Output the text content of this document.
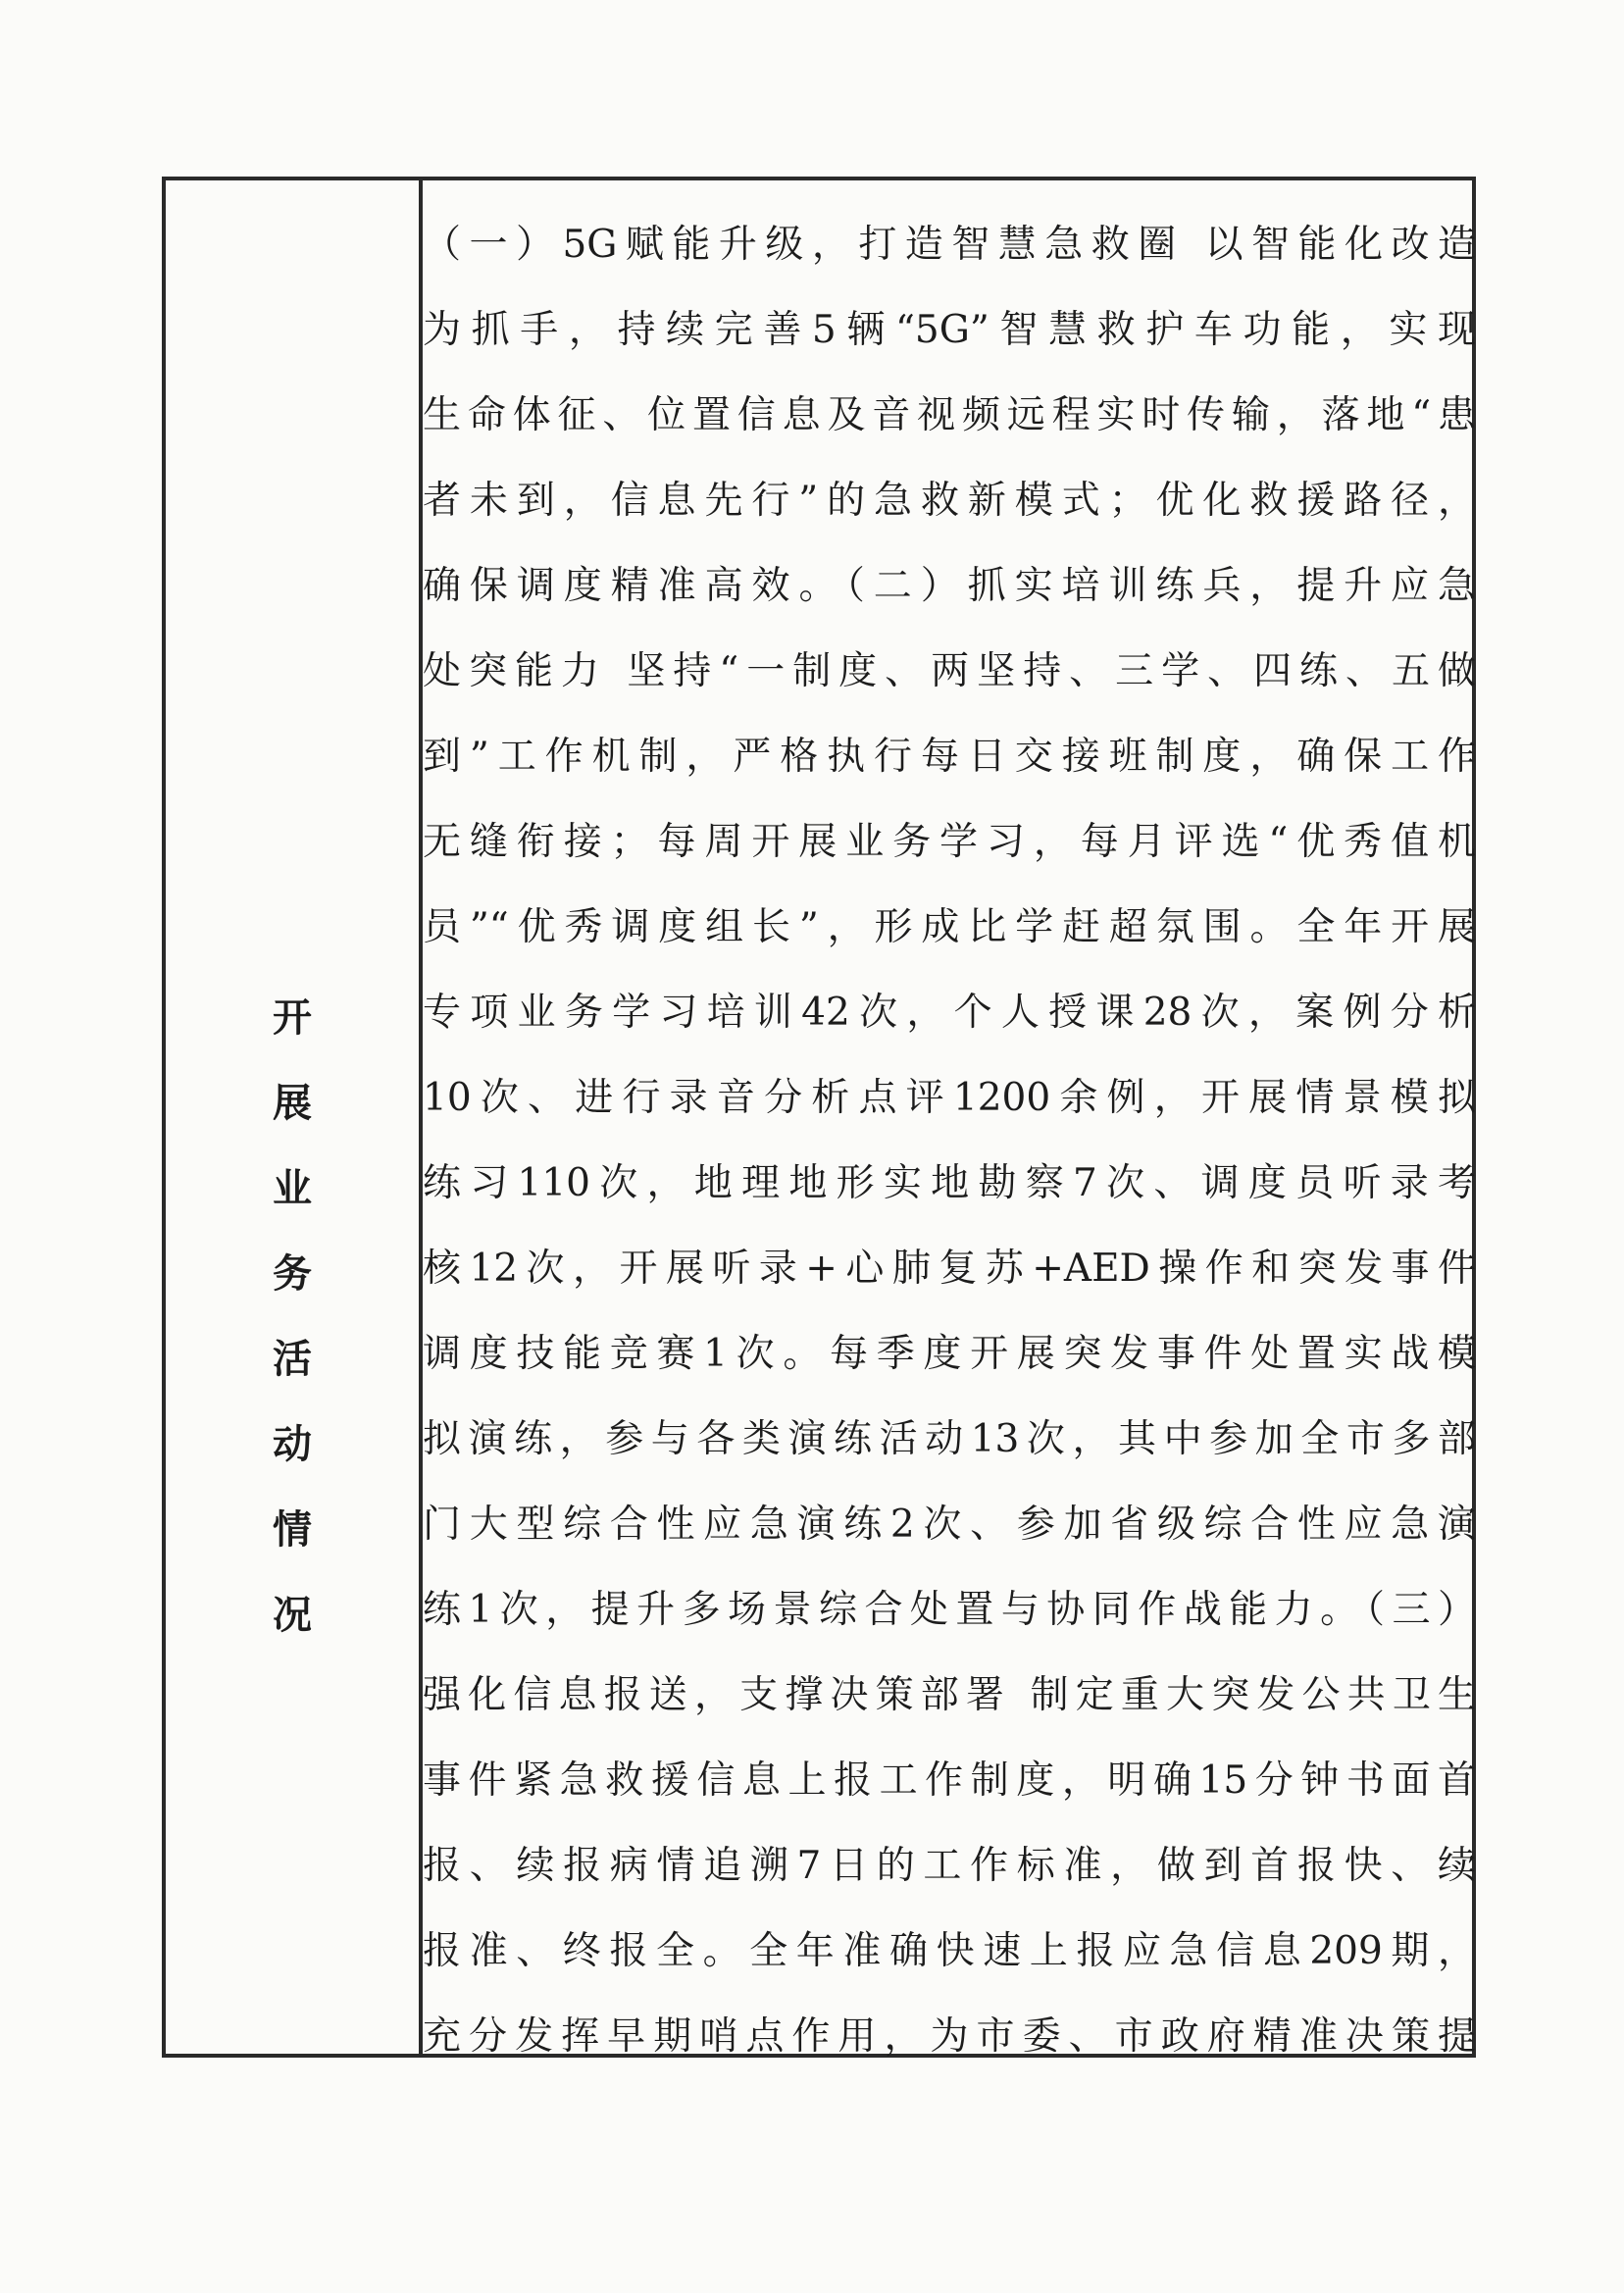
开
展
业
务
活
动
情
况
（一）5G赋能升级，打造智慧急救圈 以智能化改造
为抓手，持续完善5辆“5G”智慧救护车功能，实现
生命体征、位置信息及音视频远程实时传输，落地“患
者未到，信息先行”的急救新模式；优化救援路径，
确保调度精准高效。（二）抓实培训练兵，提升应急
处突能力 坚持“一制度、两坚持、三学、四练、五做
到”工作机制，严格执行每日交接班制度，确保工作
无缝衔接；每周开展业务学习，每月评选“优秀值机
员”“优秀调度组长”，形成比学赶超氛围。全年开展
专项业务学习培训42次，个人授课28次，案例分析
10次、进行录音分析点评1200余例，开展情景模拟
练习110次，地理地形实地勘察7次、调度员听录考
核12次，开展听录+心肺复苏+AED操作和突发事件
调度技能竞赛1次。每季度开展突发事件处置实战模
拟演练，参与各类演练活动13次，其中参加全市多部
门大型综合性应急演练2次、参加省级综合性应急演
练1次，提升多场景综合处置与协同作战能力。（三）
强化信息报送，支撑决策部署 制定重大突发公共卫生
事件紧急救援信息上报工作制度，明确15分钟书面首
报、续报病情追溯7日的工作标准，做到首报快、续
报准、终报全。全年准确快速上报应急信息209期，
充分发挥早期哨点作用，为市委、市政府精准决策提
